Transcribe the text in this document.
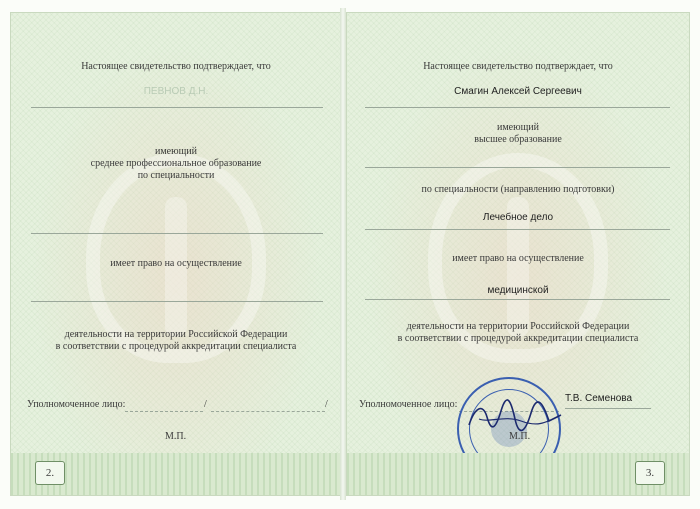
Настоящее свидетельство подтверждает, что
ПЕВНОВ Д.Н.
имеющий
среднее профессиональное образование
по специальности
имеет право на осуществление
деятельности на территории Российской Федерации
в соответствии с процедурой аккредитации специалиста
Уполномоченное лицо:	/	/
М.П.
2.
Настоящее свидетельство подтверждает, что
Смагин Алексей Сергеевич
имеющий
высшее образование
по специальности (направлению подготовки)
Лечебное дело
имеет право на осуществление
медицинской
деятельности на территории Российской Федерации
в соответствии с процедурой аккредитации специалиста
Уполномоченное лицо:
Т.В. Семенова
М.П.
3.
